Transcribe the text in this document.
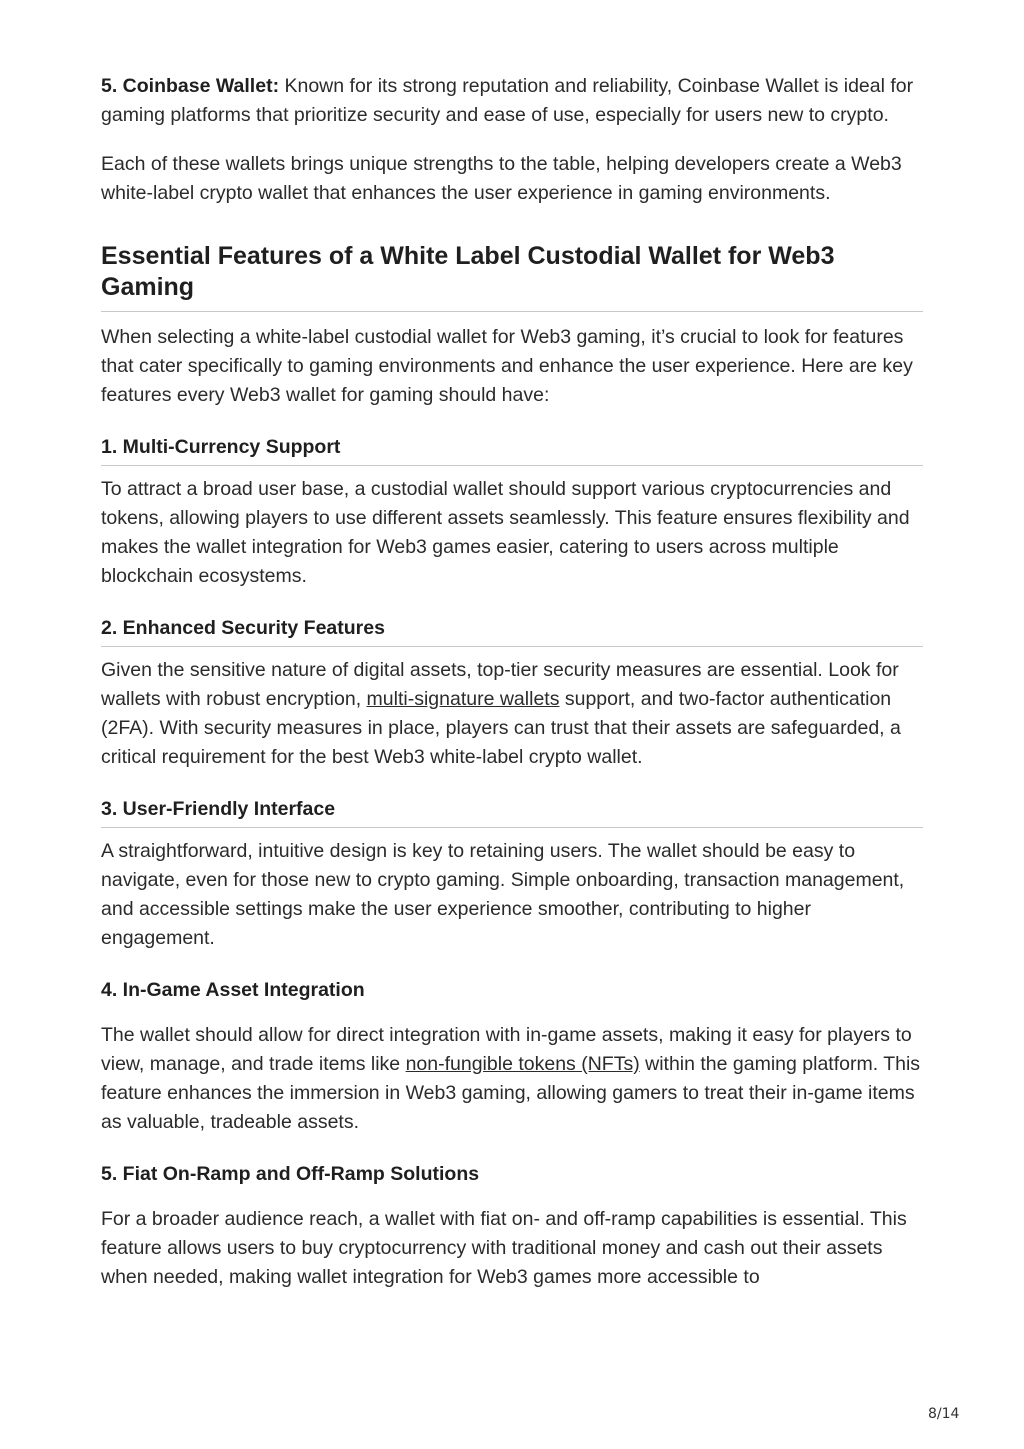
5. Coinbase Wallet: Known for its strong reputation and reliability, Coinbase Wallet is ideal for gaming platforms that prioritize security and ease of use, especially for users new to crypto.

Each of these wallets brings unique strengths to the table, helping developers create a Web3 white-label crypto wallet that enhances the user experience in gaming environments.

Essential Features of a White Label Custodial Wallet for Web3 Gaming

When selecting a white-label custodial wallet for Web3 gaming, it’s crucial to look for features that cater specifically to gaming environments and enhance the user experience. Here are key features every Web3 wallet for gaming should have:

1. Multi-Currency Support

To attract a broad user base, a custodial wallet should support various cryptocurrencies and tokens, allowing players to use different assets seamlessly. This feature ensures flexibility and makes the wallet integration for Web3 games easier, catering to users across multiple blockchain ecosystems.

2. Enhanced Security Features

Given the sensitive nature of digital assets, top-tier security measures are essential. Look for wallets with robust encryption, multi-signature wallets support, and two-factor authentication (2FA). With security measures in place, players can trust that their assets are safeguarded, a critical requirement for the best Web3 white-label crypto wallet.

3. User-Friendly Interface

A straightforward, intuitive design is key to retaining users. The wallet should be easy to navigate, even for those new to crypto gaming. Simple onboarding, transaction management, and accessible settings make the user experience smoother, contributing to higher engagement.

4. In-Game Asset Integration

The wallet should allow for direct integration with in-game assets, making it easy for players to view, manage, and trade items like non-fungible tokens (NFTs) within the gaming platform. This feature enhances the immersion in Web3 gaming, allowing gamers to treat their in-game items as valuable, tradeable assets.

5. Fiat On-Ramp and Off-Ramp Solutions

For a broader audience reach, a wallet with fiat on- and off-ramp capabilities is essential. This feature allows users to buy cryptocurrency with traditional money and cash out their assets when needed, making wallet integration for Web3 games more accessible to

8/14
